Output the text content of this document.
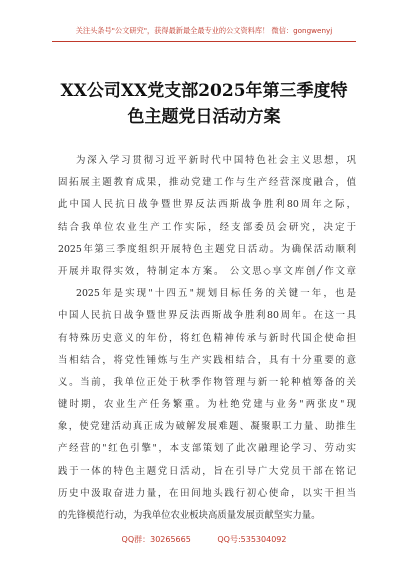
关注头条号"公文研究"，获得最新最全最专业的公文资料库！ 微信：gongwenyj
XX公司XX党支部2025年第三季度特
色主题党日活动方案
为深入学习贯彻习近平新时代中国特色社会主义思想，巩
固拓展主题教育成果，推动党建工作与生产经营深度融合，值
此中国人民抗日战争暨世界反法西斯战争胜利80周年之际，
结合我单位农业生产工作实际，经支部委员会研究，决定于
2025年第三季度组织开展特色主题党日活动。为确保活动顺利
开展并取得实效，特制定本方案。 公文思◇享文库创╱作文章
2025年是实现"十四五"规划目标任务的关键一年，也是
中国人民抗日战争暨世界反法西斯战争胜利80周年。在这一具
有特殊历史意义的年份，将红色精神传承与新时代国企使命担
当相结合，将党性锤炼与生产实践相结合，具有十分重要的意
义。当前，我单位正处于秋季作物管理与新一轮种植筹备的关
键时期，农业生产任务繁重。为杜绝党建与业务"两张皮"现
象，使党建活动真正成为破解发展难题、凝聚职工力量、助推生
产经营的"红色引擎"，本支部策划了此次融理论学习、劳动实
践于一体的特色主题党日活动，旨在引导广大党员干部在铭记
历史中汲取奋进力量，在田间地头践行初心使命，以实干担当
的先锋模范行动，为我单位农业板块高质量发展贡献坚实力量。
QQ群：30265665	QQ号:535304092
